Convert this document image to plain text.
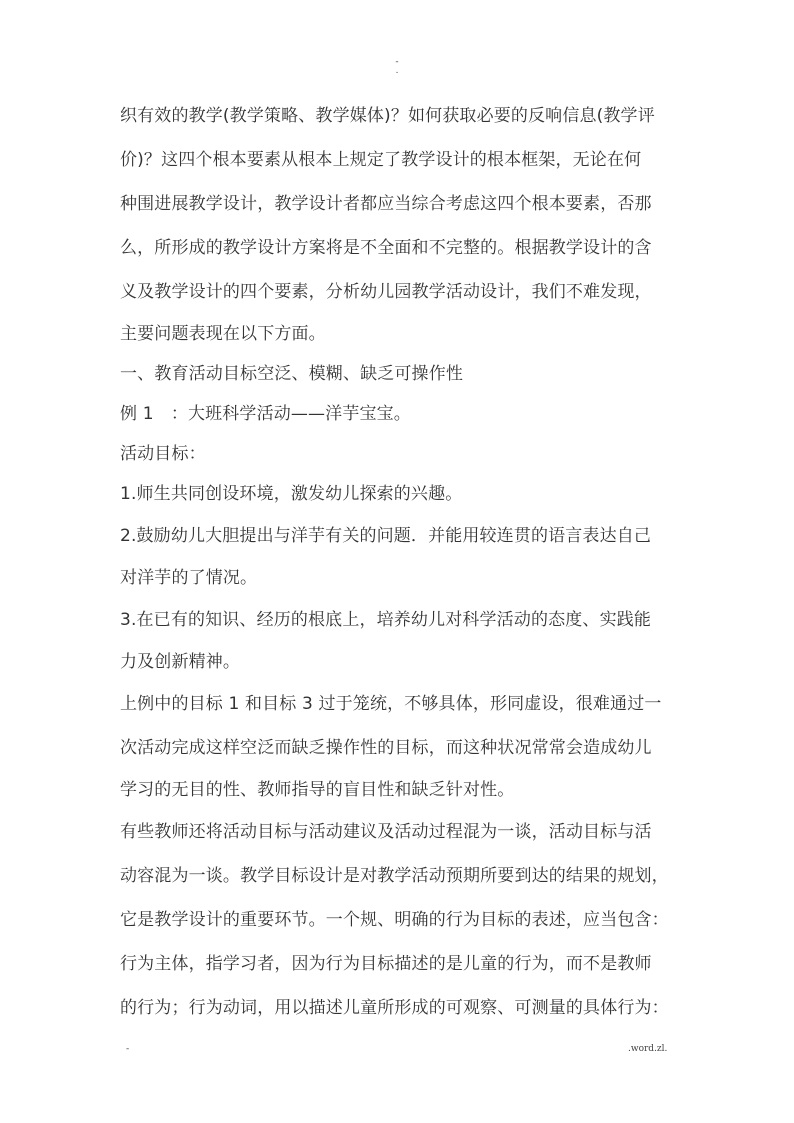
-
.
织有效的教学(教学策略、教学媒体)？如何获取必要的反响信息(教学评
价)？这四个根本要素从根本上规定了教学设计的根本框架，无论在何
种围进展教学设计，教学设计者都应当综合考虑这四个根本要素，否那
么，所形成的教学设计方案将是不全面和不完整的。根据教学设计的含
义及教学设计的四个要素，分析幼儿园教学活动设计，我们不难发现，
主要问题表现在以下方面。
一、教育活动目标空泛、模糊、缺乏可操作性
例 1　：大班科学活动——洋芋宝宝。
活动目标：
1.师生共同创设环境，激发幼儿探索的兴趣。
2.鼓励幼儿大胆提出与洋芋有关的问题．并能用较连贯的语言表达自己
对洋芋的了情况。
3.在已有的知识、经历的根底上，培养幼儿对科学活动的态度、实践能
力及创新精神。
上例中的目标 1 和目标 3 过于笼统，不够具体，形同虚设，很难通过一
次活动完成这样空泛而缺乏操作性的目标，而这种状况常常会造成幼儿
学习的无目的性、教师指导的盲目性和缺乏针对性。
有些教师还将活动目标与活动建议及活动过程混为一谈，活动目标与活
动容混为一谈。教学目标设计是对教学活动预期所要到达的结果的规划，
它是教学设计的重要环节。一个规、明确的行为目标的表述，应当包含：
行为主体，指学习者，因为行为目标描述的是儿童的行为，而不是教师
的行为；行为动词，用以描述儿童所形成的可观察、可测量的具体行为：
-	.word.zl.
